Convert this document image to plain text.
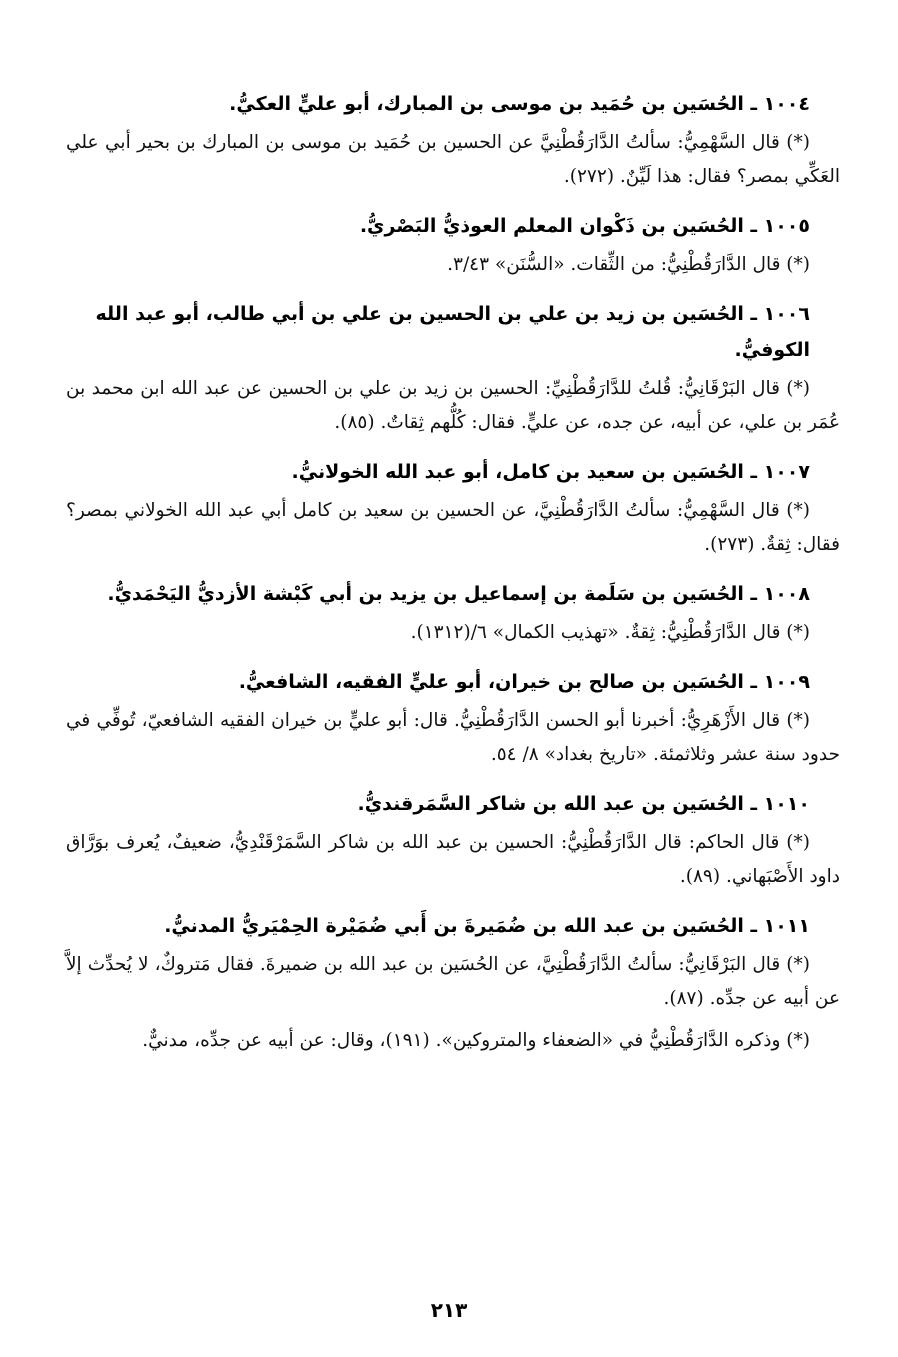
١٠٠٤ ـ الحُسَين بن حُمَيد بن موسى بن المبارك، أبو عليٍّ العكيُّ.

(*) قال السَّهْمِيُّ: سألتُ الدَّارَقُطْنِيَّ عن الحسين بن حُمَيد بن موسى بن المبارك بن بحير أبي علي العَكِّي بمصر؟ فقال: هذا لَيِّنٌ. (٢٧٢).

١٠٠٥ ـ الحُسَين بن ذَكْوان المعلم العوذيُّ البَصْريُّ.

(*) قال الدَّارَقُطْنِيُّ: من الثِّقات. «السُّنَن» ٣/٤٣.

١٠٠٦ ـ الحُسَين بن زيد بن علي بن الحسين بن علي بن أبي طالب، أبو عبد الله الكوفيُّ.

(*) قال البَرْقَانِيُّ: قُلتُ للدَّارَقُطْنِيِّ: الحسين بن زيد بن علي بن الحسين عن عبد الله ابن محمد بن عُمَر بن علي، عن أبيه، عن جده، عن عليٍّ. فقال: كُلُّهم ثِقاتٌ. (٨٥).

١٠٠٧ ـ الحُسَين بن سعيد بن كامل، أبو عبد الله الخولانيُّ.

(*) قال السَّهْمِيُّ: سألتُ الدَّارَقُطْنِيَّ، عن الحسين بن سعيد بن كامل أبي عبد الله الخولاني بمصر؟ فقال: ثِقةٌ. (٢٧٣).

١٠٠٨ ـ الحُسَين بن سَلَمة بن إسماعيل بن يزيد بن أبي كَبْشة الأزديُّ اليَحْمَديُّ.

(*) قال الدَّارَقُطْنِيُّ: ثِقةٌ. «تهذيب الكمال» ٦/(١٣١٢).

١٠٠٩ ـ الحُسَين بن صالح بن خيران، أبو عليٍّ الفقيه، الشافعيُّ.

(*) قال الأَزْهَرِيُّ: أخبرنا أبو الحسن الدَّارَقُطْنِيُّ. قال: أبو عليٍّ بن خيران الفقيه الشافعيّ، تُوفِّي في حدود سنة عشر وثلاثمئة. «تاريخ بغداد» ٨/ ٥٤.

١٠١٠ ـ الحُسَين بن عبد الله بن شاكر السَّمَرقنديُّ.

(*) قال الحاكم: قال الدَّارَقُطْنِيُّ: الحسين بن عبد الله بن شاكر السَّمَرْقَنْدِيُّ، ضعيفٌ، يُعرف بوَرَّاق داود الأَصْبَهاني. (٨٩).

١٠١١ ـ الحُسَين بن عبد الله بن ضُمَيرةَ بن أَبي ضُمَيْرة الحِمْيَريُّ المدنيُّ.

(*) قال البَرْقَانِيُّ: سألتُ الدَّارَقُطْنِيَّ، عن الحُسَين بن عبد الله بن ضميرةَ. فقال مَتروكٌ، لا يُحدِّث إلاَّ عن أبيه عن جدِّه. (٨٧).

(*) وذكره الدَّارَقُطْنِيُّ في «الضعفاء والمتروكين». (١٩١)، وقال: عن أبيه عن جدِّه، مدنيٌّ.

٢١٣
